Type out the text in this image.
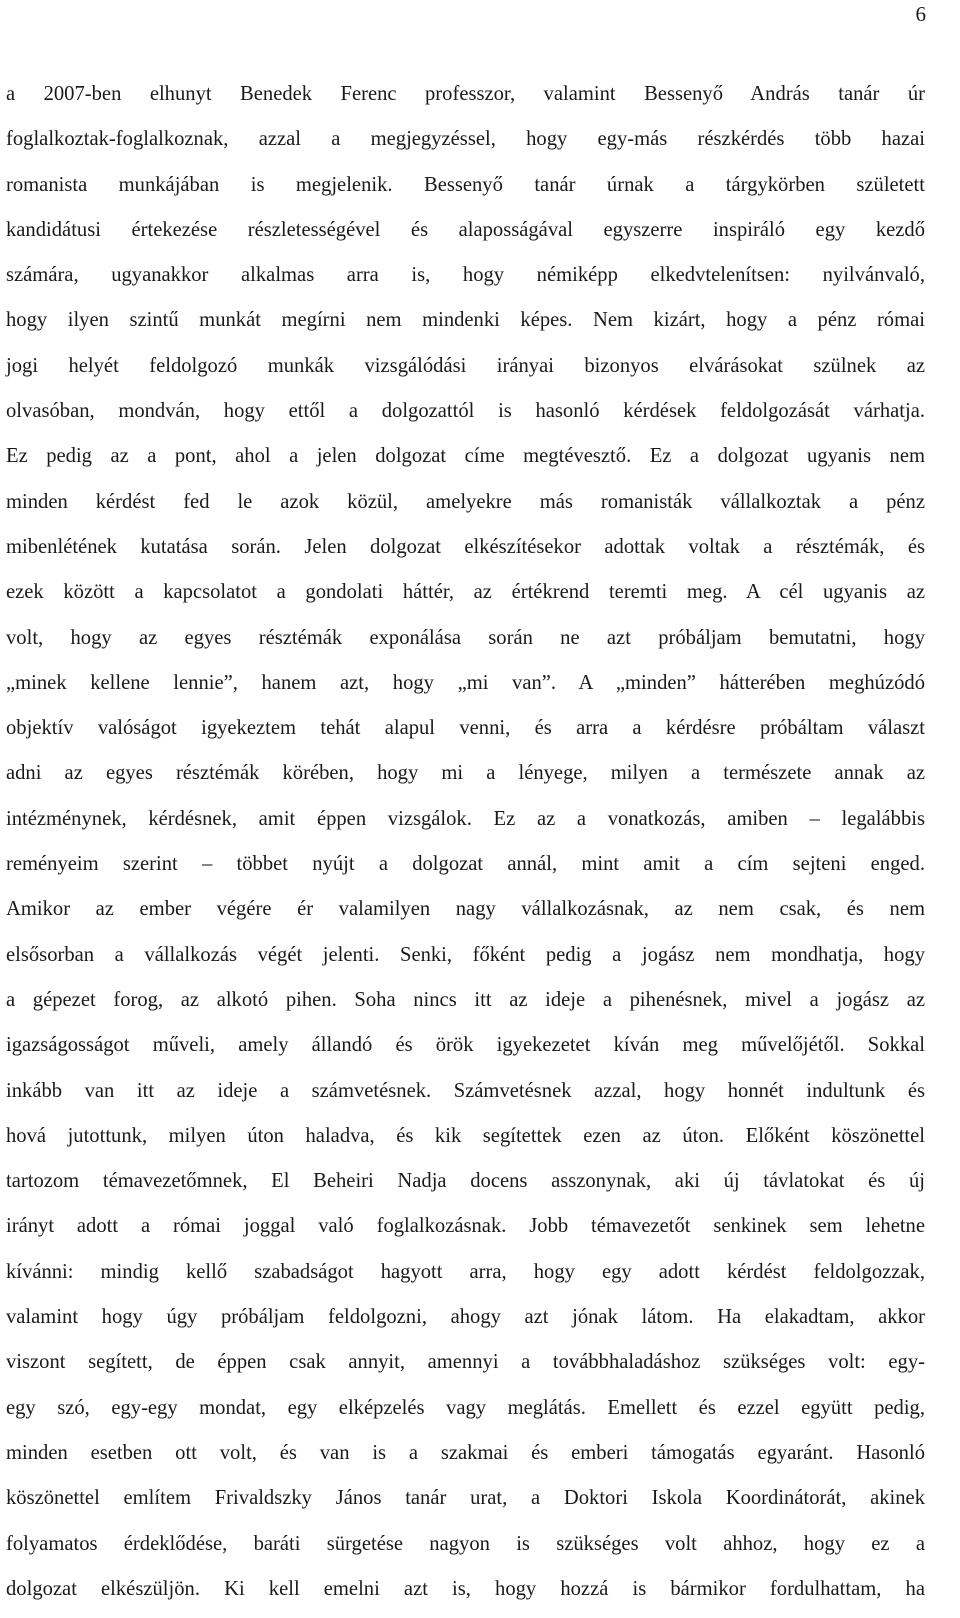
6
a 2007-ben elhunyt Benedek Ferenc professzor, valamint Bessenyő András tanár úr
foglalkoztak-foglalkoznak, azzal a megjegyzéssel, hogy egy-más részkérdés több hazai
romanista munkájában is megjelenik. Bessenyő tanár úrnak a tárgykörben született
kandidátusi értekezése részletességével és alaposságával egyszerre inspiráló egy kezdő
számára, ugyanakkor alkalmas arra is, hogy némiképp elkedvtelenítsen: nyilvánvaló,
hogy ilyen szintű munkát megírni nem mindenki képes. Nem kizárt, hogy a pénz római
jogi helyét feldolgozó munkák vizsgálódási irányai bizonyos elvárásokat szülnek az
olvasóban, mondván, hogy ettől a dolgozattól is hasonló kérdések feldolgozását várhatja.
Ez pedig az a pont, ahol a jelen dolgozat címe megtévesztő. Ez a dolgozat ugyanis nem
minden kérdést fed le azok közül, amelyekre más romanisták vállalkoztak a pénz
mibenlétének kutatása során. Jelen dolgozat elkészítésekor adottak voltak a résztémák, és
ezek között a kapcsolatot a gondolati háttér, az értékrend teremti meg. A cél ugyanis az
volt, hogy az egyes résztémák exponálása során ne azt próbáljam bemutatni, hogy
„minek kellene lennie”, hanem azt, hogy „mi van”. A „minden” hátterében meghúzódó
objektív valóságot igyekeztem tehát alapul venni, és arra a kérdésre próbáltam választ
adni az egyes résztémák körében, hogy mi a lényege, milyen a természete annak az
intézménynek, kérdésnek, amit éppen vizsgálok. Ez az a vonatkozás, amiben – legalábbis
reményeim szerint – többet nyújt a dolgozat annál, mint amit a cím sejteni enged.
Amikor az ember végére ér valamilyen nagy vállalkozásnak, az nem csak, és nem
elsősorban a vállalkozás végét jelenti. Senki, főként pedig a jogász nem mondhatja, hogy
a gépezet forog, az alkotó pihen. Soha nincs itt az ideje a pihenésnek, mivel a jogász az
igazságosságot műveli, amely állandó és örök igyekezetet kíván meg művelőjétől. Sokkal
inkább van itt az ideje a számvetésnek. Számvetésnek azzal, hogy honnét indultunk és
hová jutottunk, milyen úton haladva, és kik segítettek ezen az úton. Előként köszönettel
tartozom témavezetőmnek, El Beheiri Nadja docens asszonynak, aki új távlatokat és új
irányt adott a római joggal való foglalkozásnak. Jobb témavezetőt senkinek sem lehetne
kívánni: mindig kellő szabadságot hagyott arra, hogy egy adott kérdést feldolgozzak,
valamint hogy úgy próbáljam feldolgozni, ahogy azt jónak látom. Ha elakadtam, akkor
viszont segített, de éppen csak annyit, amennyi a továbbhaladáshoz szükséges volt: egy-
egy szó, egy-egy mondat, egy elképzelés vagy meglátás. Emellett és ezzel együtt pedig,
minden esetben ott volt, és van is a szakmai és emberi támogatás egyaránt. Hasonló
köszönettel említem Frivaldszky János tanár urat, a Doktori Iskola Koordinátorát, akinek
folyamatos érdeklődése, baráti sürgetése nagyon is szükséges volt ahhoz, hogy ez a
dolgozat elkészüljön. Ki kell emelni azt is, hogy hozzá is bármikor fordulhattam, ha
